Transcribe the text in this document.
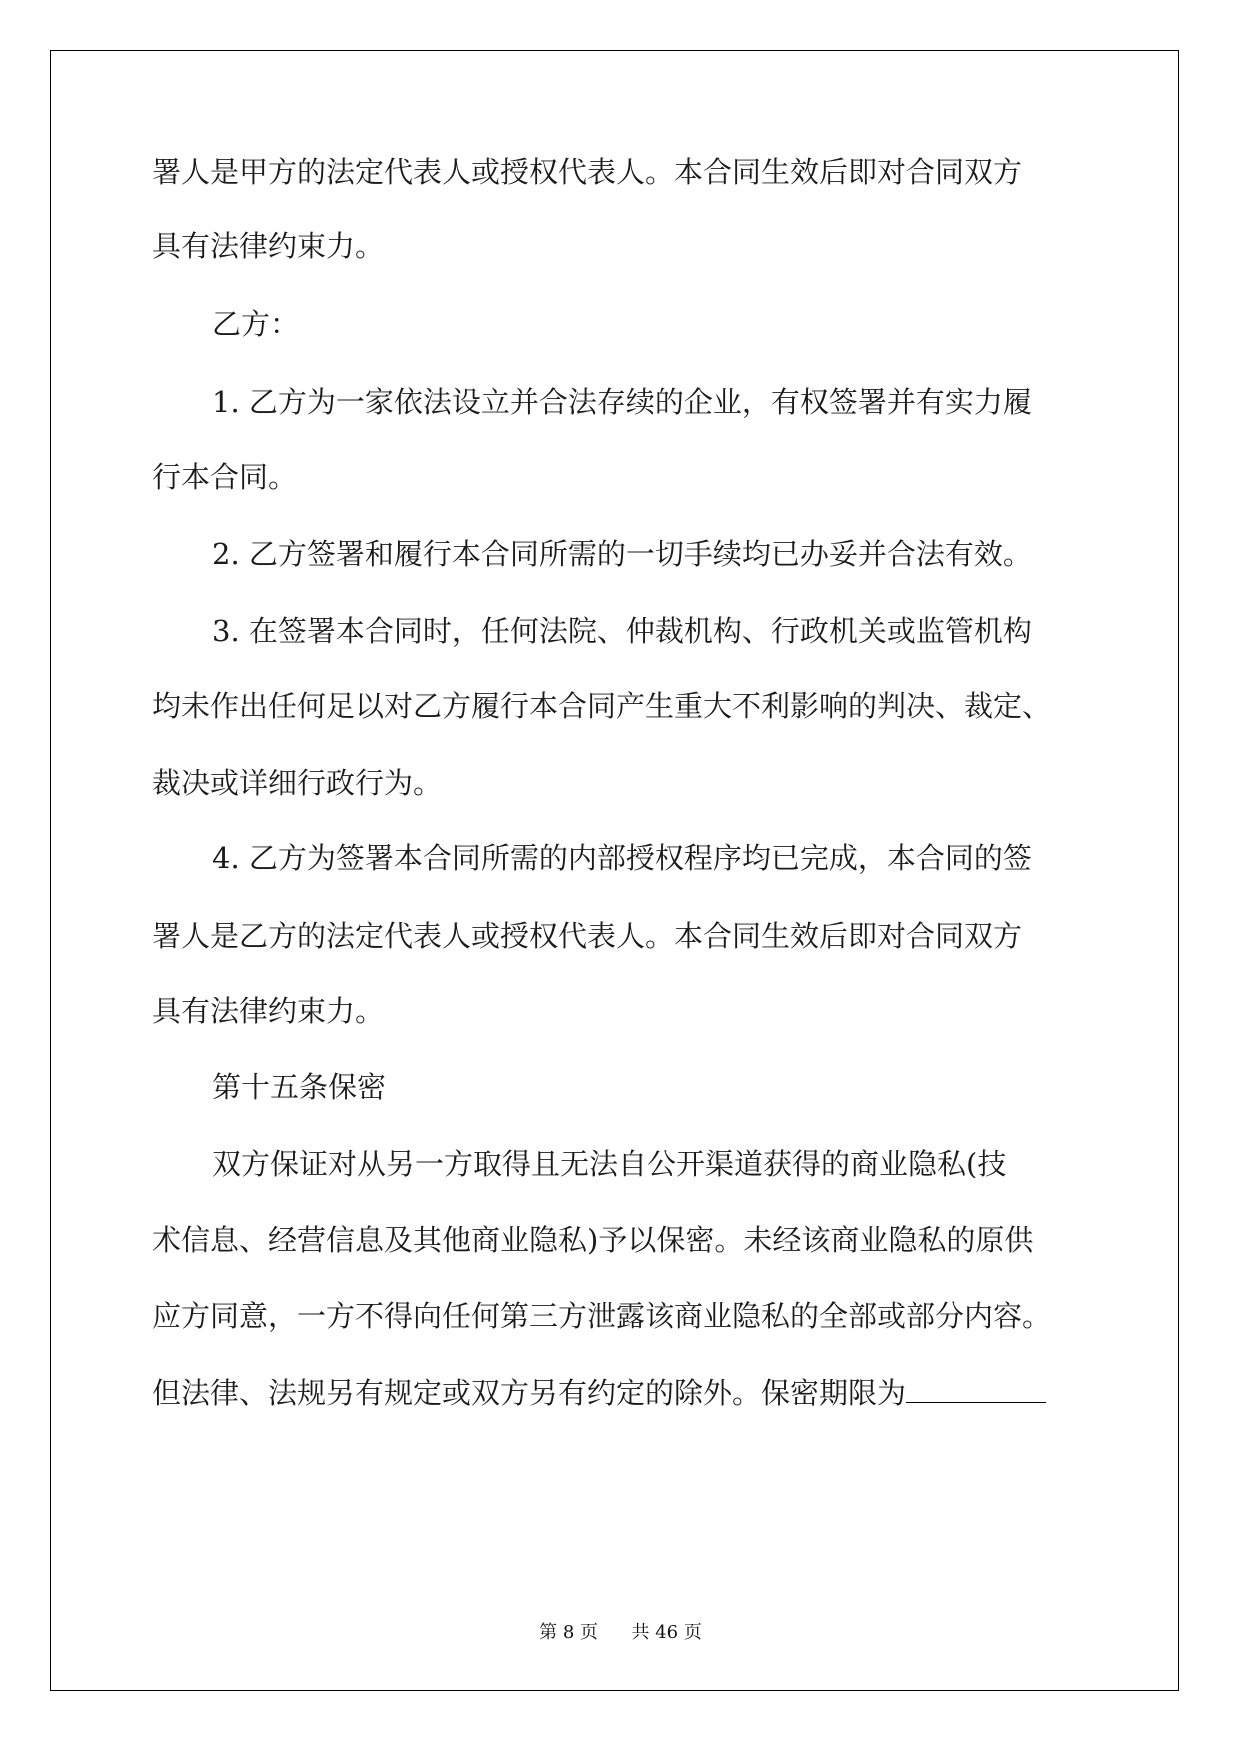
署人是甲方的法定代表人或授权代表人。本合同生效后即对合同双方
具有法律约束力。
乙方：
1. 乙方为一家依法设立并合法存续的企业，有权签署并有实力履
行本合同。
2. 乙方签署和履行本合同所需的一切手续均已办妥并合法有效。
3. 在签署本合同时，任何法院、仲裁机构、行政机关或监管机构
均未作出任何足以对乙方履行本合同产生重大不利影响的判决、裁定、
裁决或详细行政行为。
4. 乙方为签署本合同所需的内部授权程序均已完成，本合同的签
署人是乙方的法定代表人或授权代表人。本合同生效后即对合同双方
具有法律约束力。
第十五条保密
双方保证对从另一方取得且无法自公开渠道获得的商业隐私(技
术信息、经营信息及其他商业隐私)予以保密。未经该商业隐私的原供
应方同意，一方不得向任何第三方泄露该商业隐私的全部或部分内容。
但法律、法规另有规定或双方另有约定的除外。保密期限为
第 8 页 共 46 页
